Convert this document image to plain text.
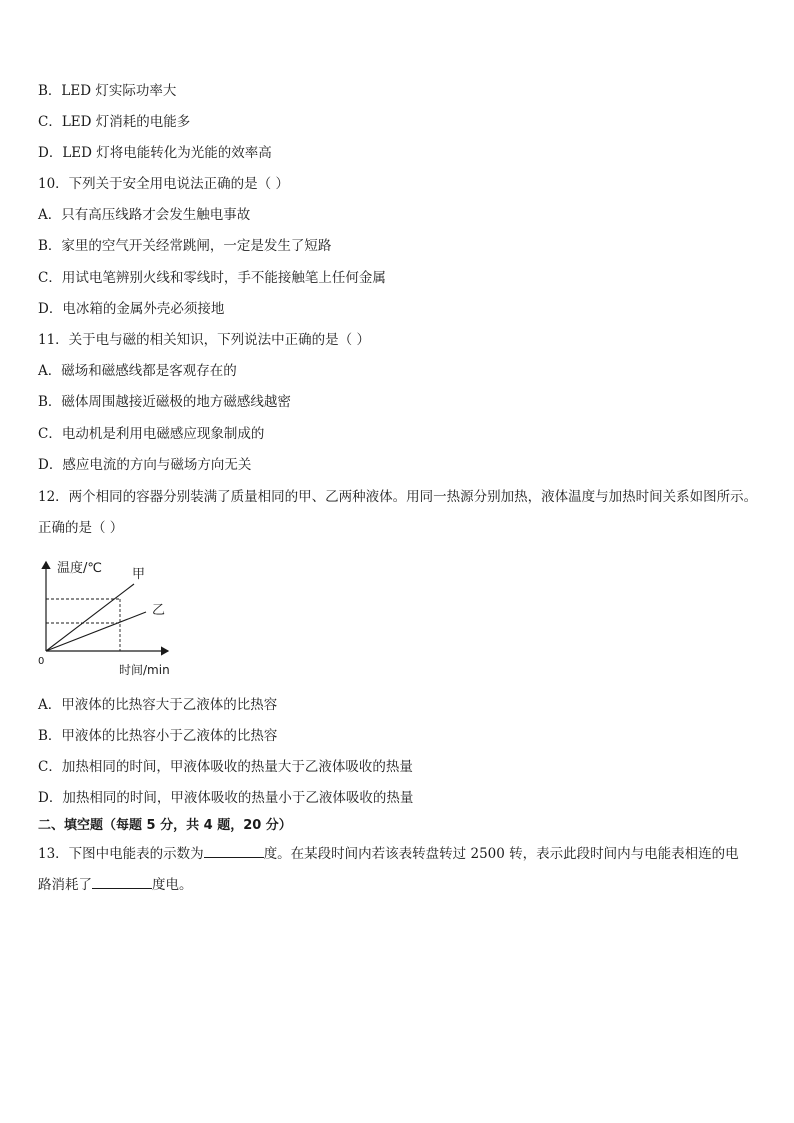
B．LED 灯实际功率大
C．LED 灯消耗的电能多
D．LED 灯将电能转化为光能的效率高
10．下列关于安全用电说法正确的是（ ）
A．只有高压线路才会发生触电事故
B．家里的空气开关经常跳闸，一定是发生了短路
C．用试电笔辨别火线和零线时，手不能接触笔上任何金属
D．电冰箱的金属外壳必须接地
11．关于电与磁的相关知识，下列说法中正确的是（ ）
A．磁场和磁感线都是客观存在的
B．磁体周围越接近磁极的地方磁感线越密
C．电动机是利用电磁感应现象制成的
D．感应电流的方向与磁场方向无关
12．两个相同的容器分别装满了质量相同的甲、乙两种液体。用同一热源分别加热，液体温度与加热时间关系如图所示。正确的是（ ）
温度/℃ 甲
乙
0
时间/min
A．甲液体的比热容大于乙液体的比热容
B．甲液体的比热容小于乙液体的比热容
C．加热相同的时间，甲液体吸收的热量大于乙液体吸收的热量
D．加热相同的时间，甲液体吸收的热量小于乙液体吸收的热量
二、填空题（每题 5 分，共 4 题，20 分）
13．下图中电能表的示数为	度。在某段时间内若该表转盘转过 2500 转，表示此段时间内与电能表相连的电
路消耗了	度电。
